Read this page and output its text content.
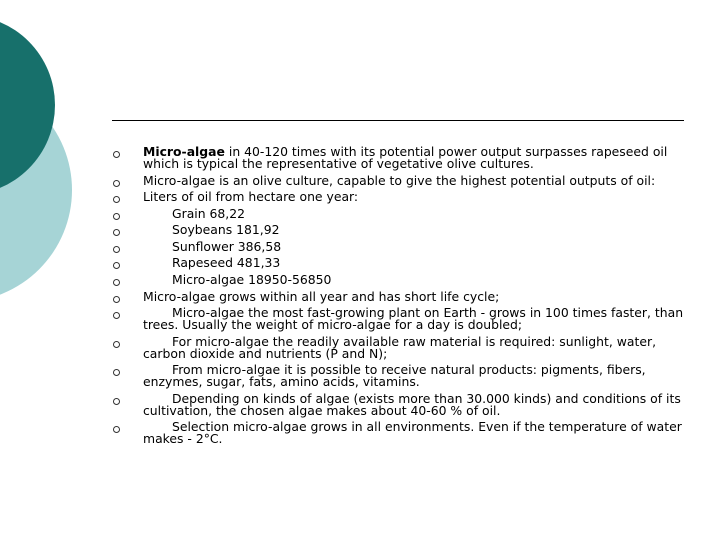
Micro-algae in 40-120 times with its potential power output surpasses rapeseed oil which is typical the representative of vegetative olive cultures.
Micro-algae is an olive culture, capable to give the highest potential outputs of oil:
Liters of oil from hectare one year:
Grain 68,22
Soybeans 181,92
Sunflower 386,58
Rapeseed 481,33
Micro-algae 18950-56850
Micro-algae grows within all year and has short life cycle;
Micro-algae the most fast-growing plant on Earth - grows in 100 times faster, than trees. Usually the weight of micro-algae for a day is doubled;
For micro-algae the readily available raw material is required: sunlight, water, carbon dioxide and nutrients (P and N);
From micro-algae it is possible to receive natural products: pigments, fibers, enzymes, sugar, fats, amino acids, vitamins.
Depending on kinds of algae (exists more than 30.000 kinds) and conditions of its cultivation, the chosen algae makes about 40-60 % of oil.
Selection micro-algae grows in all environments. Even if the temperature of water makes - 2°C.
